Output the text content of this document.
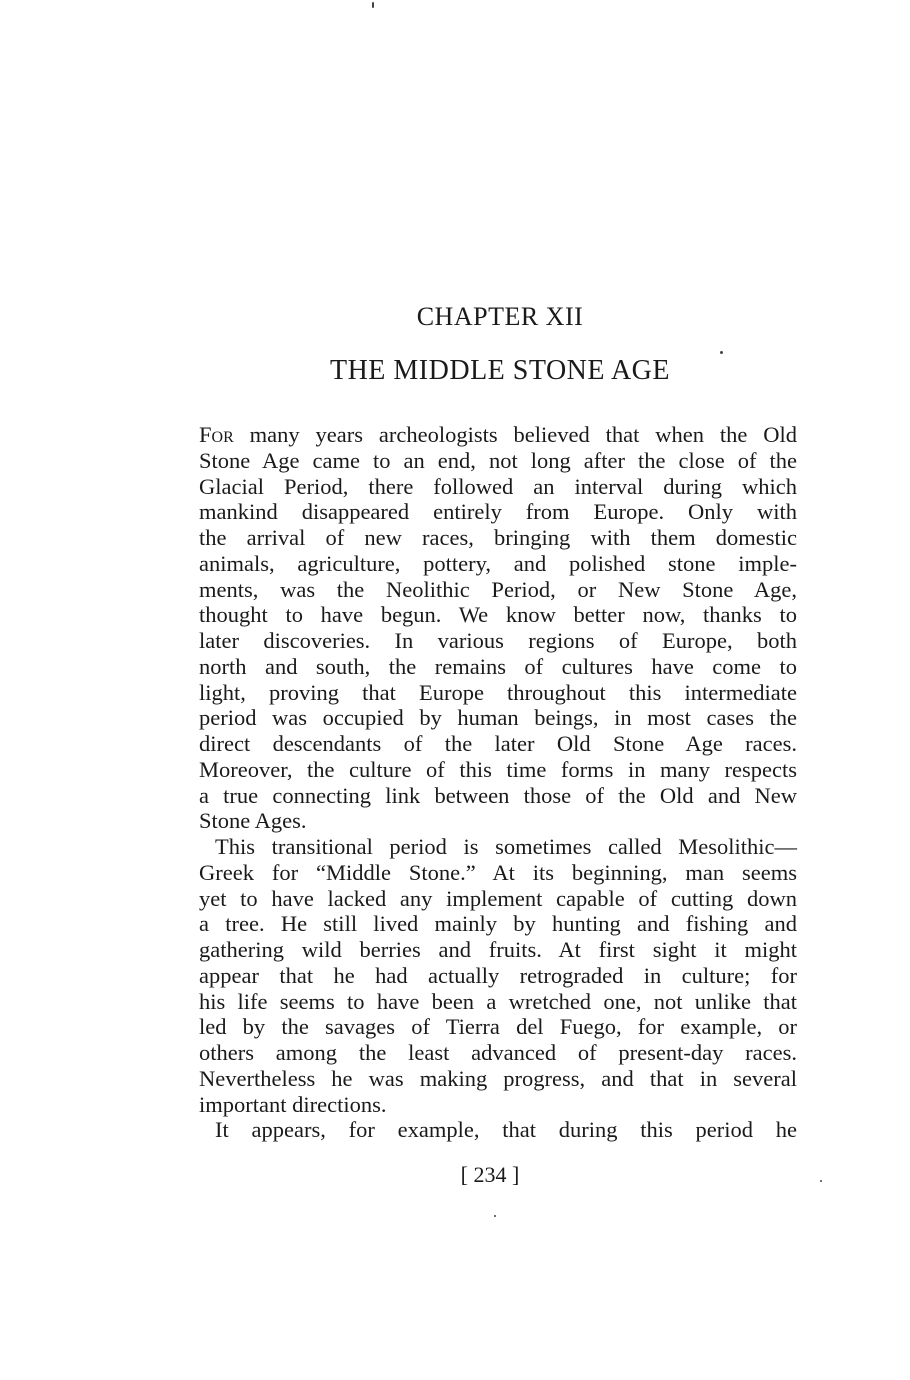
CHAPTER XII
THE MIDDLE STONE AGE
For many years archeologists believed that when the Old
Stone Age came to an end, not long after the close of the
Glacial Period, there followed an interval during which
mankind disappeared entirely from Europe. Only with
the arrival of new races, bringing with them domestic
animals, agriculture, pottery, and polished stone imple-
ments, was the Neolithic Period, or New Stone Age,
thought to have begun. We know better now, thanks to
later discoveries. In various regions of Europe, both
north and south, the remains of cultures have come to
light, proving that Europe throughout this intermediate
period was occupied by human beings, in most cases the
direct descendants of the later Old Stone Age races.
Moreover, the culture of this time forms in many respects
a true connecting link between those of the Old and New
Stone Ages.
This transitional period is sometimes called Mesolithic—
Greek for “Middle Stone.” At its beginning, man seems
yet to have lacked any implement capable of cutting down
a tree. He still lived mainly by hunting and fishing and
gathering wild berries and fruits. At first sight it might
appear that he had actually retrograded in culture; for
his life seems to have been a wretched one, not unlike that
led by the savages of Tierra del Fuego, for example, or
others among the least advanced of present-day races.
Nevertheless he was making progress, and that in several
important directions.
It appears, for example, that during this period he

[ 234 ]
